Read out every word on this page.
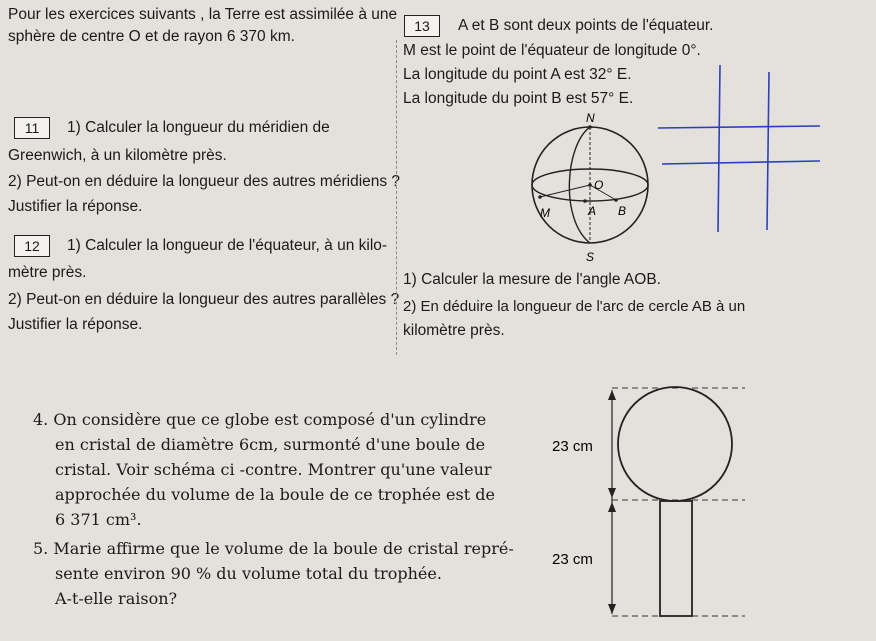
Pour les exercices suivants , la Terre est assimilée à une
sphère de centre O et de rayon 6 370 km.
11	1) Calculer la longueur du méridien de
Greenwich, à un kilomètre près.
2) Peut-on en déduire la longueur des autres méridiens ?
Justifier la réponse.
12	1) Calculer la longueur de l'équateur, à un kilo-
mètre près.
2) Peut-on en déduire la longueur des autres parallèles ?
Justifier la réponse.
13	A et B sont deux points de l'équateur.
M est le point de l'équateur de longitude 0°.
La longitude du point A est 32° E.
La longitude du point B est 57° E.
1) Calculer la mesure de l'angle AOB.
2) En déduire la longueur de l'arc de cercle AB à un
kilomètre près.
N
O
M	A B
S
4. On considère que ce globe est composé d'un cylindre
en cristal de diamètre 6cm, surmonté d'une boule de
cristal. Voir schéma ci -contre. Montrer qu'une valeur
approchée du volume de la boule de ce trophée est de
6 371 cm³.
5. Marie affirme que le volume de la boule de cristal repré-
sente environ 90 % du volume total du trophée.
A-t-elle raison?
23 cm
23 cm
